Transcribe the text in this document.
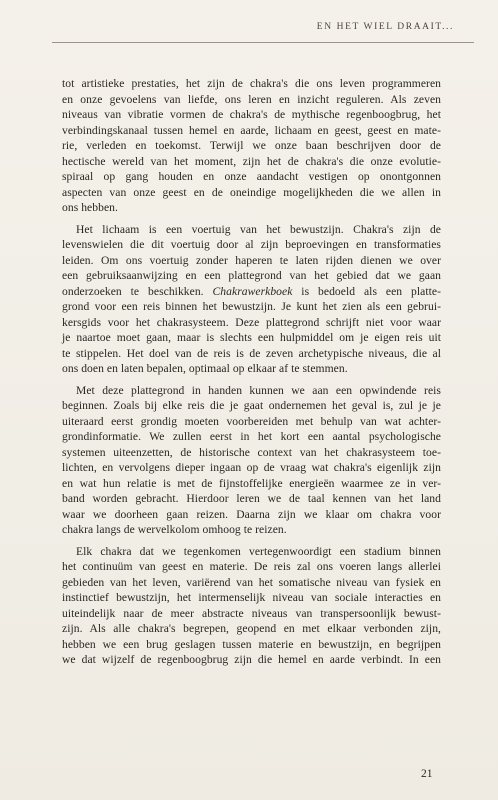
EN HET WIEL DRAAIT...
tot artistieke prestaties, het zijn de chakra's die ons leven programmeren
en onze gevoelens van liefde, ons leren en inzicht reguleren. Als zeven
niveaus van vibratie vormen de chakra's de mythische regenboogbrug, het
verbindingskanaal tussen hemel en aarde, lichaam en geest, geest en mate-
rie, verleden en toekomst. Terwijl we onze baan beschrijven door de
hectische wereld van het moment, zijn het de chakra's die onze evolutie-
spiraal op gang houden en onze aandacht vestigen op onontgonnen
aspecten van onze geest en de oneindige mogelijkheden die we allen in
ons hebben.
Het lichaam is een voertuig van het bewustzijn. Chakra's zijn de
levenswielen die dit voertuig door al zijn beproevingen en transformaties
leiden. Om ons voertuig zonder haperen te laten rijden dienen we over
een gebruiksaanwijzing en een plattegrond van het gebied dat we gaan
onderzoeken te beschikken. Chakrawerkboek is bedoeld als een platte-
grond voor een reis binnen het bewustzijn. Je kunt het zien als een gebrui-
kersgids voor het chakrasysteem. Deze plattegrond schrijft niet voor waar
je naartoe moet gaan, maar is slechts een hulpmiddel om je eigen reis uit
te stippelen. Het doel van de reis is de zeven archetypische niveaus, die al
ons doen en laten bepalen, optimaal op elkaar af te stemmen.
Met deze plattegrond in handen kunnen we aan een opwindende reis
beginnen. Zoals bij elke reis die je gaat ondernemen het geval is, zul je je
uiteraard eerst grondig moeten voorbereiden met behulp van wat achter-
grondinformatie. We zullen eerst in het kort een aantal psychologische
systemen uiteenzetten, de historische context van het chakrasysteem toe-
lichten, en vervolgens dieper ingaan op de vraag wat chakra's eigenlijk zijn
en wat hun relatie is met de fijnstoffelijke energieën waarmee ze in ver-
band worden gebracht. Hierdoor leren we de taal kennen van het land
waar we doorheen gaan reizen. Daarna zijn we klaar om chakra voor
chakra langs de wervelkolom omhoog te reizen.
Elk chakra dat we tegenkomen vertegenwoordigt een stadium binnen
het continuüm van geest en materie. De reis zal ons voeren langs allerlei
gebieden van het leven, variërend van het somatische niveau van fysiek en
instinctief bewustzijn, het intermenselijk niveau van sociale interacties en
uiteindelijk naar de meer abstracte niveaus van transpersoonlijk bewust-
zijn. Als alle chakra's begrepen, geopend en met elkaar verbonden zijn,
hebben we een brug geslagen tussen materie en bewustzijn, en begrijpen
we dat wijzelf de regenboogbrug zijn die hemel en aarde verbindt. In een
21
